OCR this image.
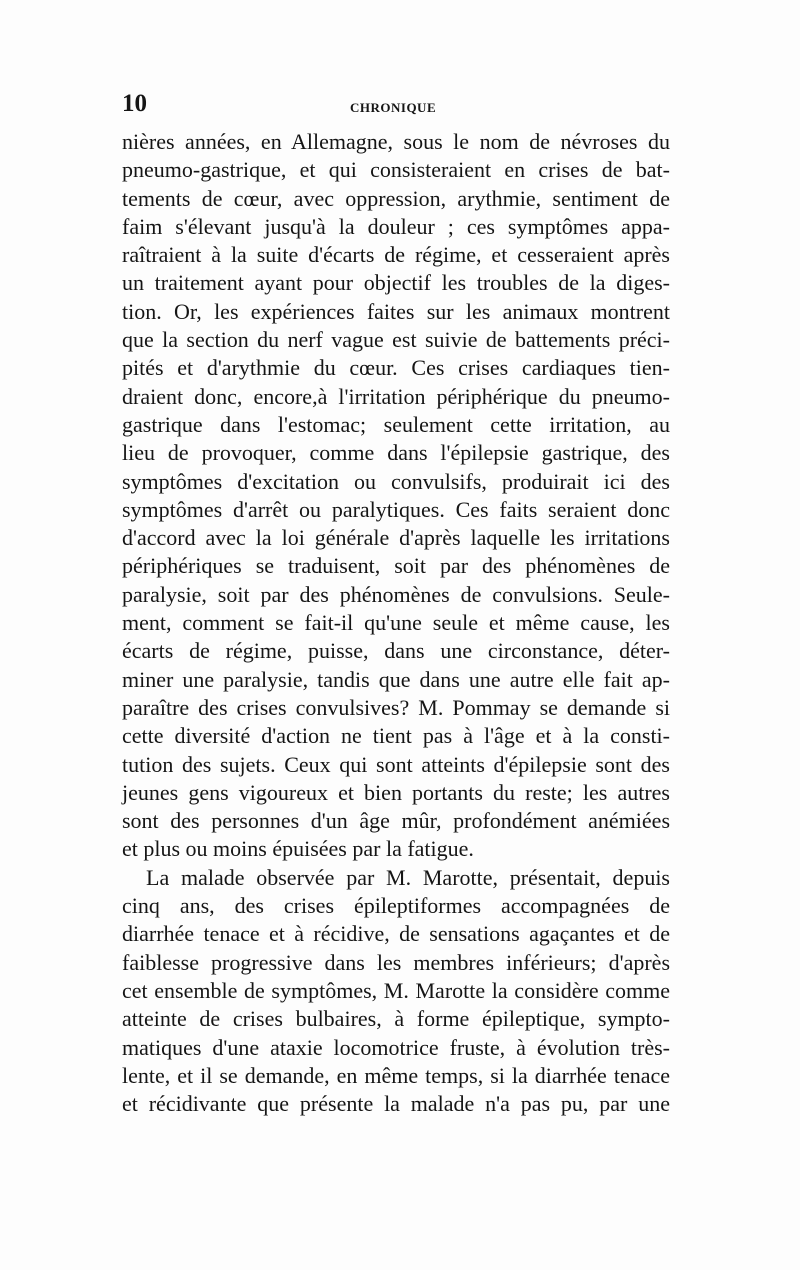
10	CHRONIQUE
nières années, en Allemagne, sous le nom de névroses du
pneumo-gastrique, et qui consisteraient en crises de bat-
tements de cœur, avec oppression, arythmie, sentiment de
faim s'élevant jusqu'à la douleur ; ces symptômes appa-
raîtraient à la suite d'écarts de régime, et cesseraient après
un traitement ayant pour objectif les troubles de la diges-
tion. Or, les expériences faites sur les animaux montrent
que la section du nerf vague est suivie de battements préci-
pités et d'arythmie du cœur. Ces crises cardiaques tien-
draient donc, encore,à l'irritation périphérique du pneumo-
gastrique dans l'estomac; seulement cette irritation, au
lieu de provoquer, comme dans l'épilepsie gastrique, des
symptômes d'excitation ou convulsifs, produirait ici des
symptômes d'arrêt ou paralytiques. Ces faits seraient donc
d'accord avec la loi générale d'après laquelle les irritations
périphériques se traduisent, soit par des phénomènes de
paralysie, soit par des phénomènes de convulsions. Seule-
ment, comment se fait-il qu'une seule et même cause, les
écarts de régime, puisse, dans une circonstance, déter-
miner une paralysie, tandis que dans une autre elle fait ap-
paraître des crises convulsives? M. Pommay se demande si
cette diversité d'action ne tient pas à l'âge et à la consti-
tution des sujets. Ceux qui sont atteints d'épilepsie sont des
jeunes gens vigoureux et bien portants du reste; les autres
sont des personnes d'un âge mûr, profondément anémiées
et plus ou moins épuisées par la fatigue.
La malade observée par M. Marotte, présentait, depuis
cinq ans, des crises épileptiformes accompagnées de
diarrhée tenace et à récidive, de sensations agaçantes et de
faiblesse progressive dans les membres inférieurs; d'après
cet ensemble de symptômes, M. Marotte la considère comme
atteinte de crises bulbaires, à forme épileptique, sympto-
matiques d'une ataxie locomotrice fruste, à évolution très-
lente, et il se demande, en même temps, si la diarrhée tenace
et récidivante que présente la malade n'a pas pu, par une
